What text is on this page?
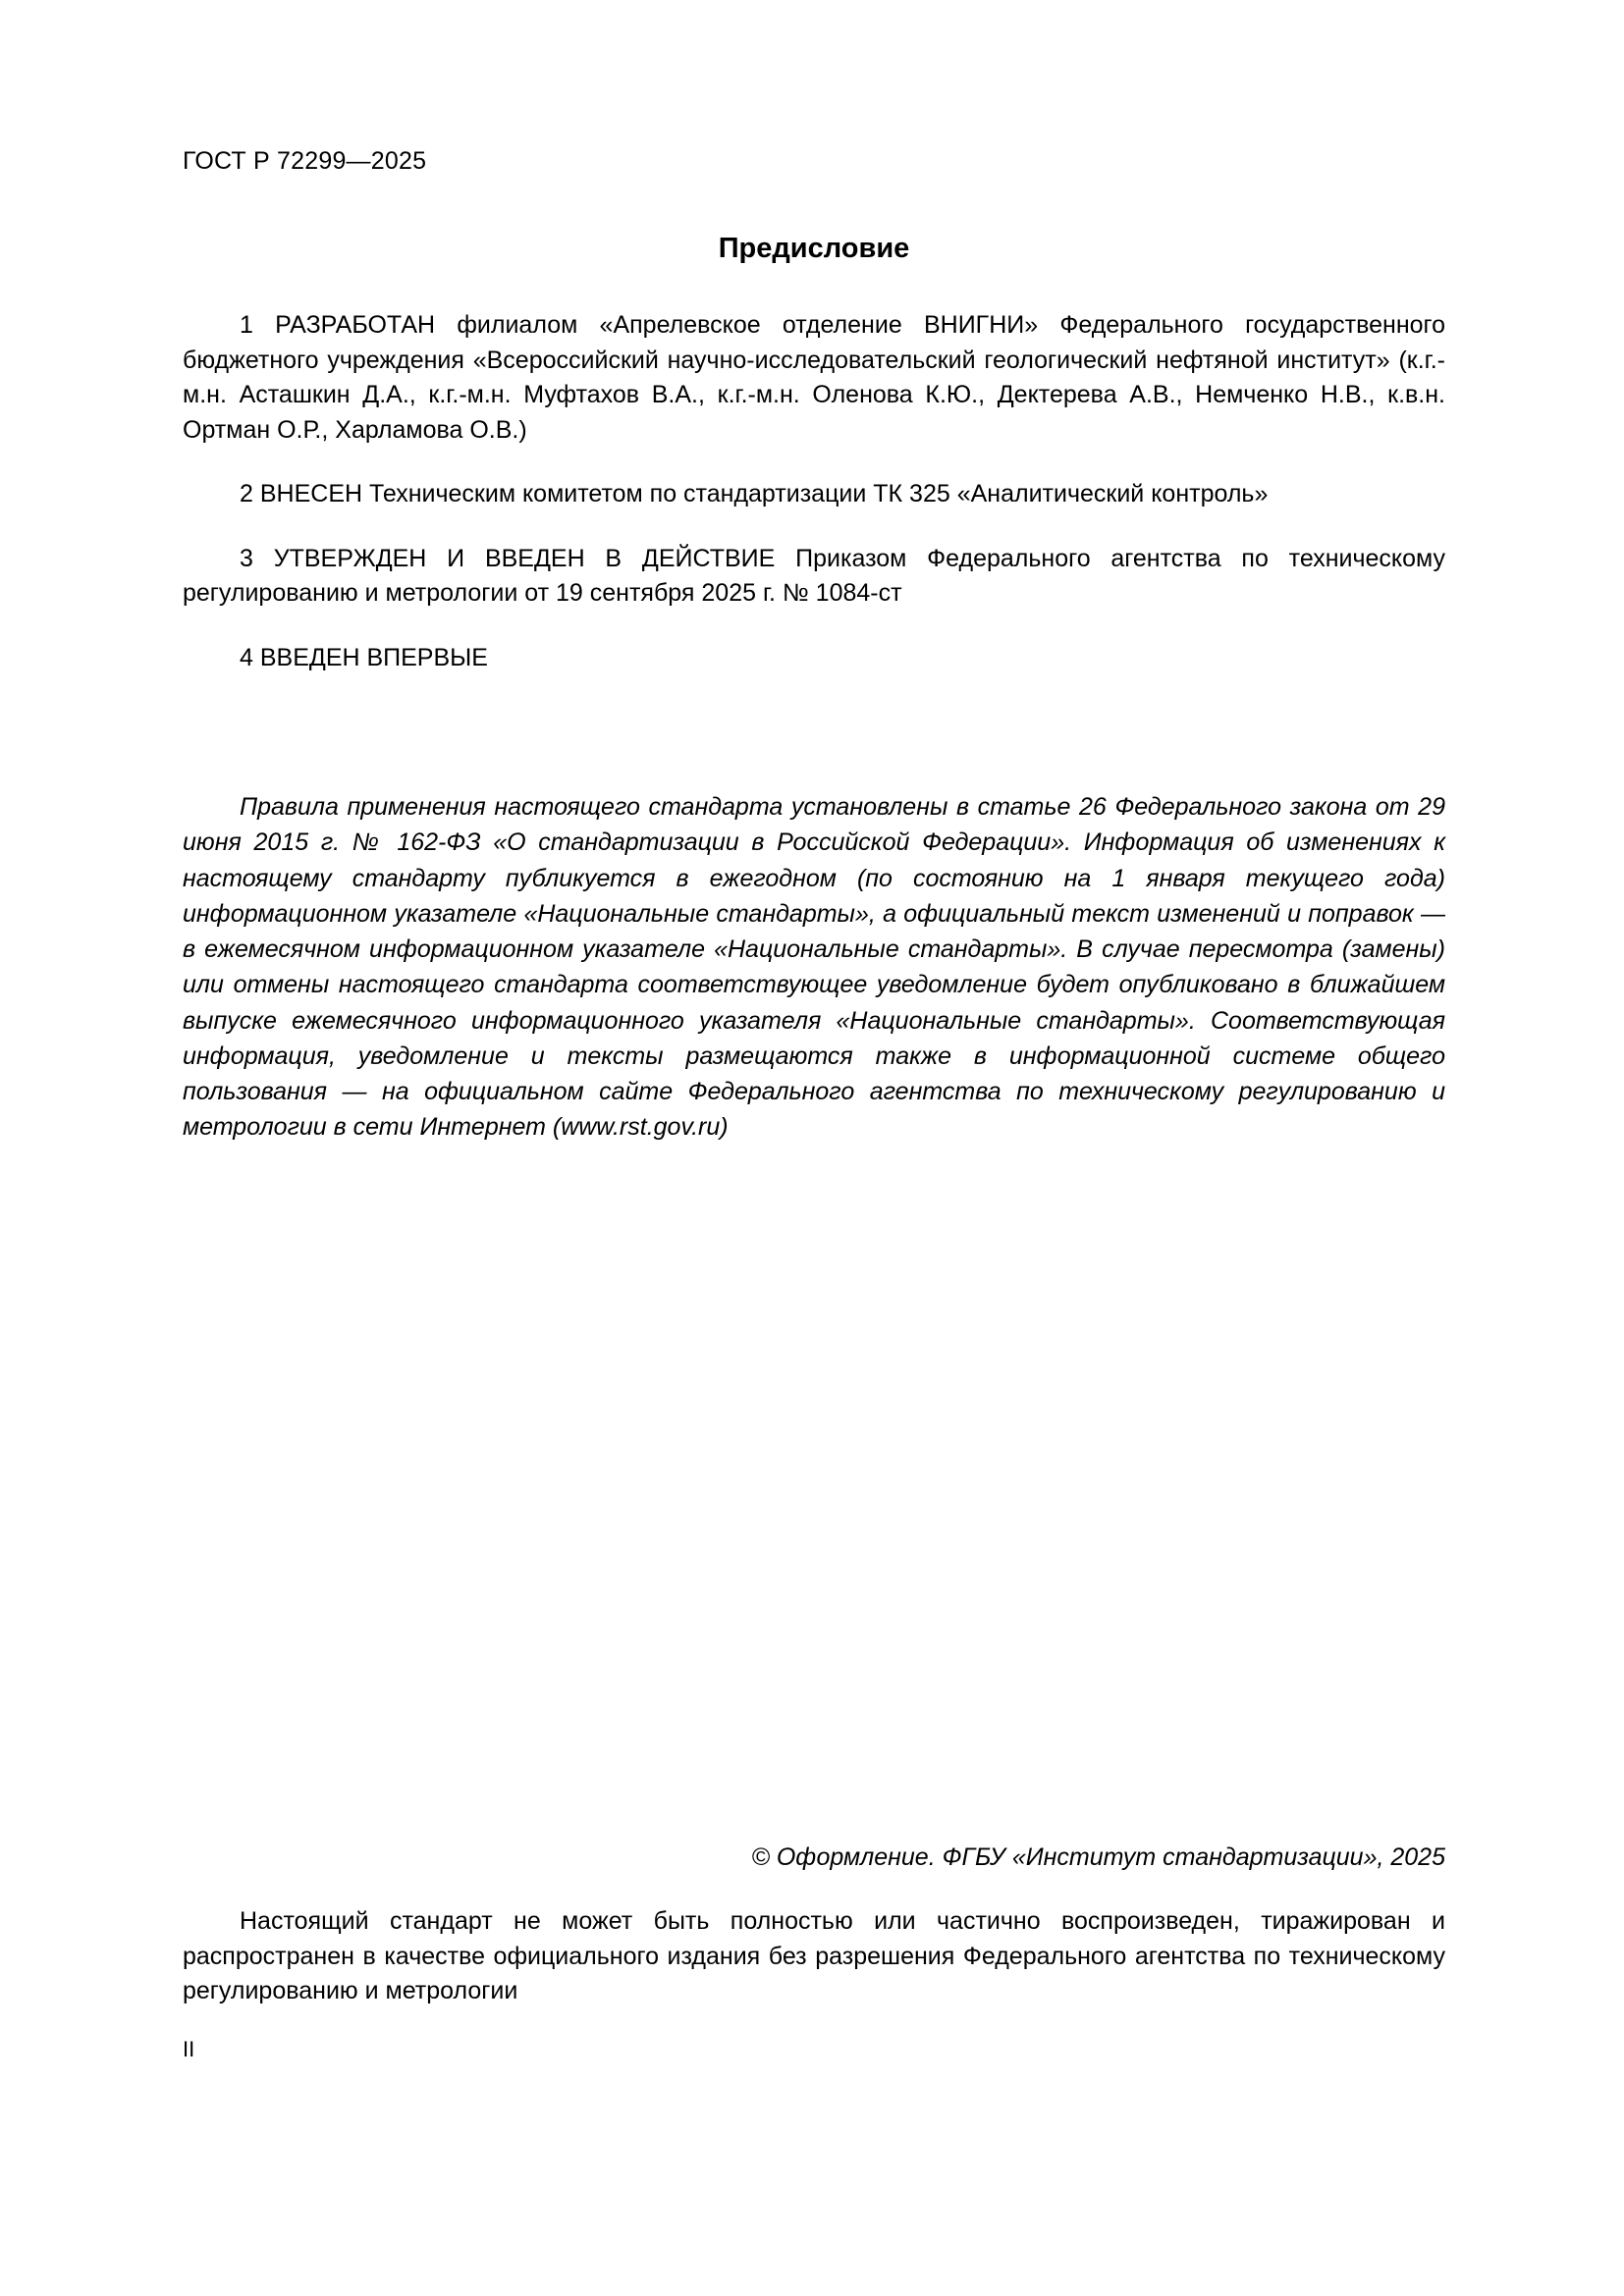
ГОСТ Р 72299—2025
Предисловие
1 РАЗРАБОТАН филиалом «Апрелевское отделение ВНИГНИ» Федерального государственного бюджетного учреждения «Всероссийский научно-исследовательский геологический нефтяной институт» (к.г.-м.н. Асташкин Д.А., к.г.-м.н. Муфтахов В.А., к.г.-м.н. Оленова К.Ю., Дектерева А.В., Немченко Н.В., к.в.н. Ортман О.Р., Харламова О.В.)
2 ВНЕСЕН Техническим комитетом по стандартизации ТК 325 «Аналитический контроль»
3 УТВЕРЖДЕН И ВВЕДЕН В ДЕЙСТВИЕ Приказом Федерального агентства по техническому регулированию и метрологии от 19 сентября 2025 г. № 1084-ст
4 ВВЕДЕН ВПЕРВЫЕ
Правила применения настоящего стандарта установлены в статье 26 Федерального закона от 29 июня 2015 г. № 162-ФЗ «О стандартизации в Российской Федерации». Информация об изменениях к настоящему стандарту публикуется в ежегодном (по состоянию на 1 января текущего года) информационном указателе «Национальные стандарты», а официальный текст изменений и поправок — в ежемесячном информационном указателе «Национальные стандарты». В случае пересмотра (замены) или отмены настоящего стандарта соответствующее уведомление будет опубликовано в ближайшем выпуске ежемесячного информационного указателя «Национальные стандарты». Соответствующая информация, уведомление и тексты размещаются также в информационной системе общего пользования — на официальном сайте Федерального агентства по техническому регулированию и метрологии в сети Интернет (www.rst.gov.ru)
© Оформление. ФГБУ «Институт стандартизации», 2025
Настоящий стандарт не может быть полностью или частично воспроизведен, тиражирован и распространен в качестве официального издания без разрешения Федерального агентства по техническому регулированию и метрологии
II
